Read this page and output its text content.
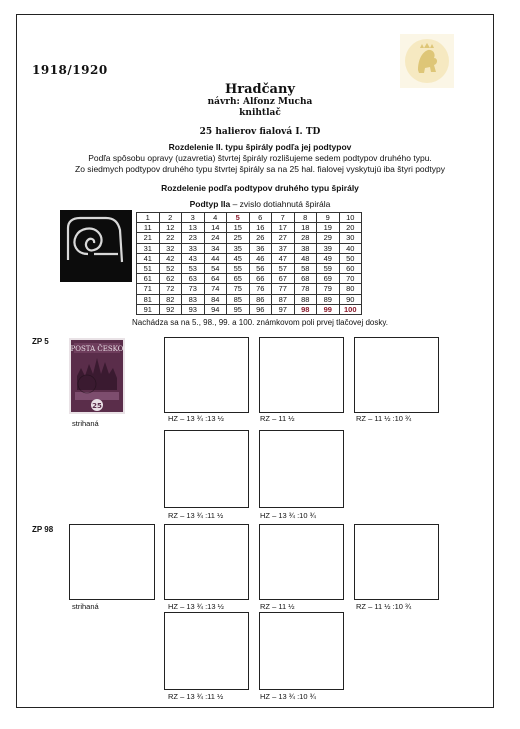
1918/1920
Hradčany
návrh: Alfonz Mucha
knihtlač
25 halierov fialová I. TD
Rozdelenie II. typu špirály podľa jej podtypov
Podľa spôsobu opravy (uzavretia) štvrtej špirály rozlišujeme sedem podtypov druhého typu.
Zo siedmych podtypov druhého typu štvrtej špirály sa na 25 hal. fialovej vyskytujú iba štyri podtypy
Rozdelenie podľa podtypov druhého typu špirály
Podtyp IIa – zvislo dotiahnutá špirála
1	2	3	4	5	6	7	8	9	10
11	12	13	14	15	16	17	18	19	20
21	22	23	24	25	26	27	28	29	30
31	32	33	34	35	36	37	38	39	40
41	42	43	44	45	46	47	48	49	50
51	52	53	54	55	56	57	58	59	60
61	62	63	64	65	66	67	68	69	70
71	72	73	74	75	76	77	78	79	80
81	82	83	84	85	86	87	88	89	90
91	92	93	94	95	96	97	98	99	100
Nachádza sa na 5., 98., 99. a 100. známkovom poli prvej tlačovej dosky.
ZP 5
POSTA ČESKO
25
strihaná
HZ – 13 ¾ :13 ½	RZ – 11 ½	RZ – 11 ½ :10 ¾
RZ – 13 ¾ :11 ½	HZ – 13 ¾ :10 ¾
ZP 98
strihaná	HZ – 13 ¾ :13 ½	RZ – 11 ½	RZ – 11 ½ :10 ¾
RZ – 13 ¾ :11 ½	HZ – 13 ¾ :10 ¾
